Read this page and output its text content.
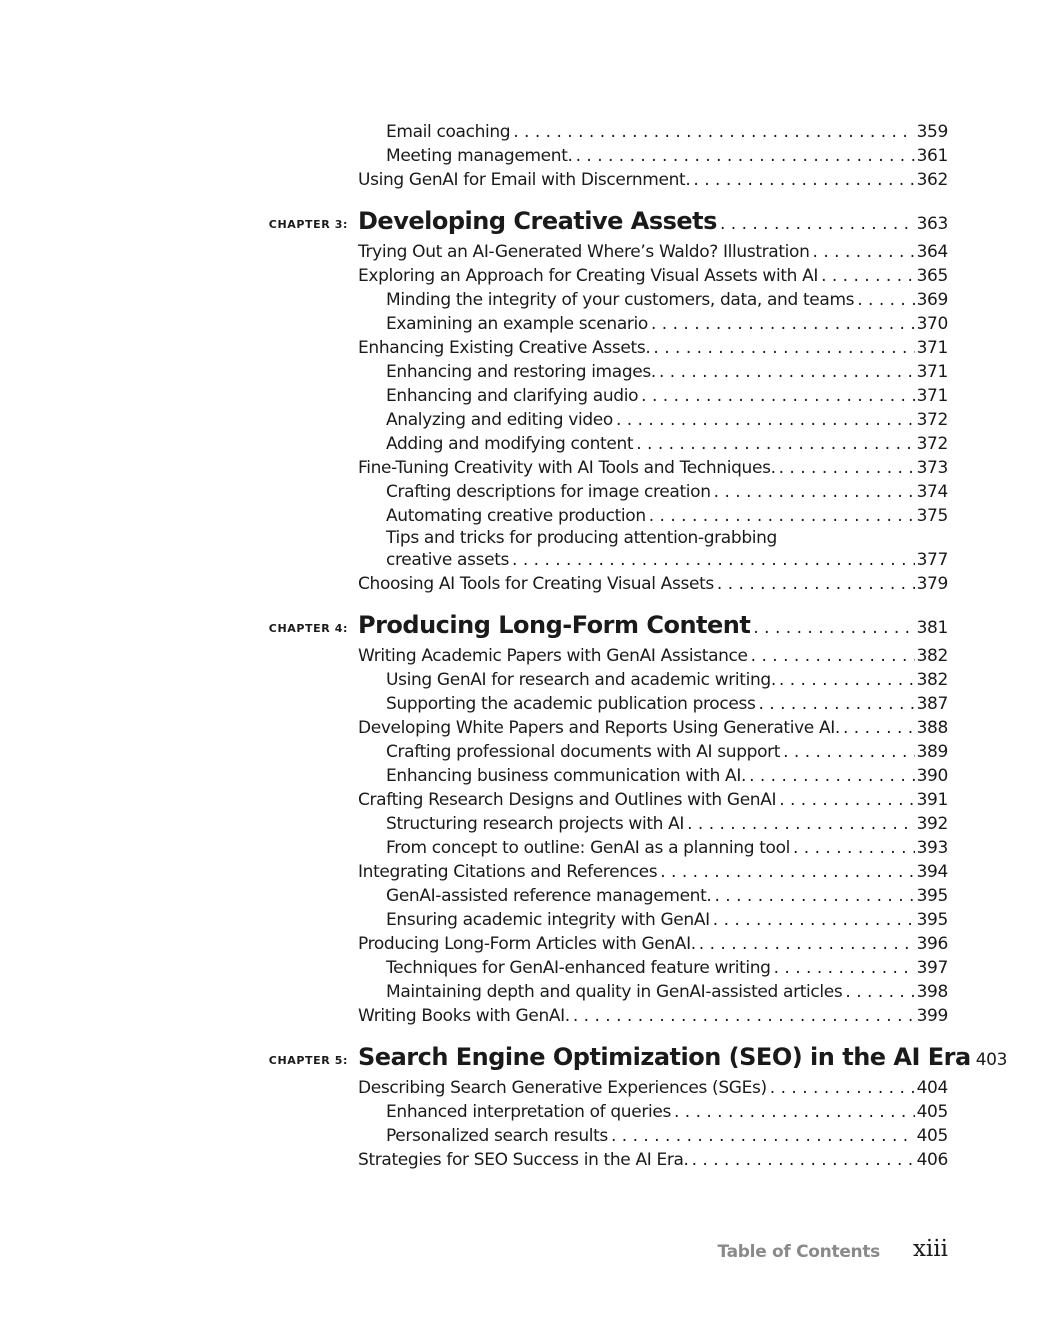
Email coaching . . .	359
Meeting management. . . .	361
Using GenAI for Email with Discernment. . . .	362
CHAPTER 3: Developing Creative Assets . . .	363
Trying Out an AI-Generated Where’s Waldo? Illustration . . .	364
Exploring an Approach for Creating Visual Assets with AI . . .	365
Minding the integrity of your customers, data, and teams . . .	369
Examining an example scenario . . .	370
Enhancing Existing Creative Assets. . . .	371
Enhancing and restoring images. . . .	371
Enhancing and clarifying audio . . .	371
Analyzing and editing video . . .	372
Adding and modifying content . . .	372
Fine-Tuning Creativity with AI Tools and Techniques. . . .	373
Crafting descriptions for image creation . . .	374
Automating creative production . . .	375
Tips and tricks for producing attention-grabbing
creative assets . . .	377
Choosing AI Tools for Creating Visual Assets . . .	379
CHAPTER 4: Producing Long-Form Content . . .	381
Writing Academic Papers with GenAI Assistance . . .	382
Using GenAI for research and academic writing. . . .	382
Supporting the academic publication process . . .	387
Developing White Papers and Reports Using Generative AI. . . .	388
Crafting professional documents with AI support . . .	389
Enhancing business communication with AI. . . .	390
Crafting Research Designs and Outlines with GenAI . . .	391
Structuring research projects with AI . . .	392
From concept to outline: GenAI as a planning tool . . .	393
Integrating Citations and References . . .	394
GenAI-assisted reference management. . . .	395
Ensuring academic integrity with GenAI . . .	395
Producing Long-Form Articles with GenAI. . . .	396
Techniques for GenAI-enhanced feature writing . . .	397
Maintaining depth and quality in GenAI-assisted articles . . .	398
Writing Books with GenAI. . . .	399
CHAPTER 5: Search Engine Optimization (SEO) in the AI Era 403
Describing Search Generative Experiences (SGEs) . . .	404
Enhanced interpretation of queries . . .	405
Personalized search results . . .	405
Strategies for SEO Success in the AI Era. . . .	406
Table of Contents	xiii
